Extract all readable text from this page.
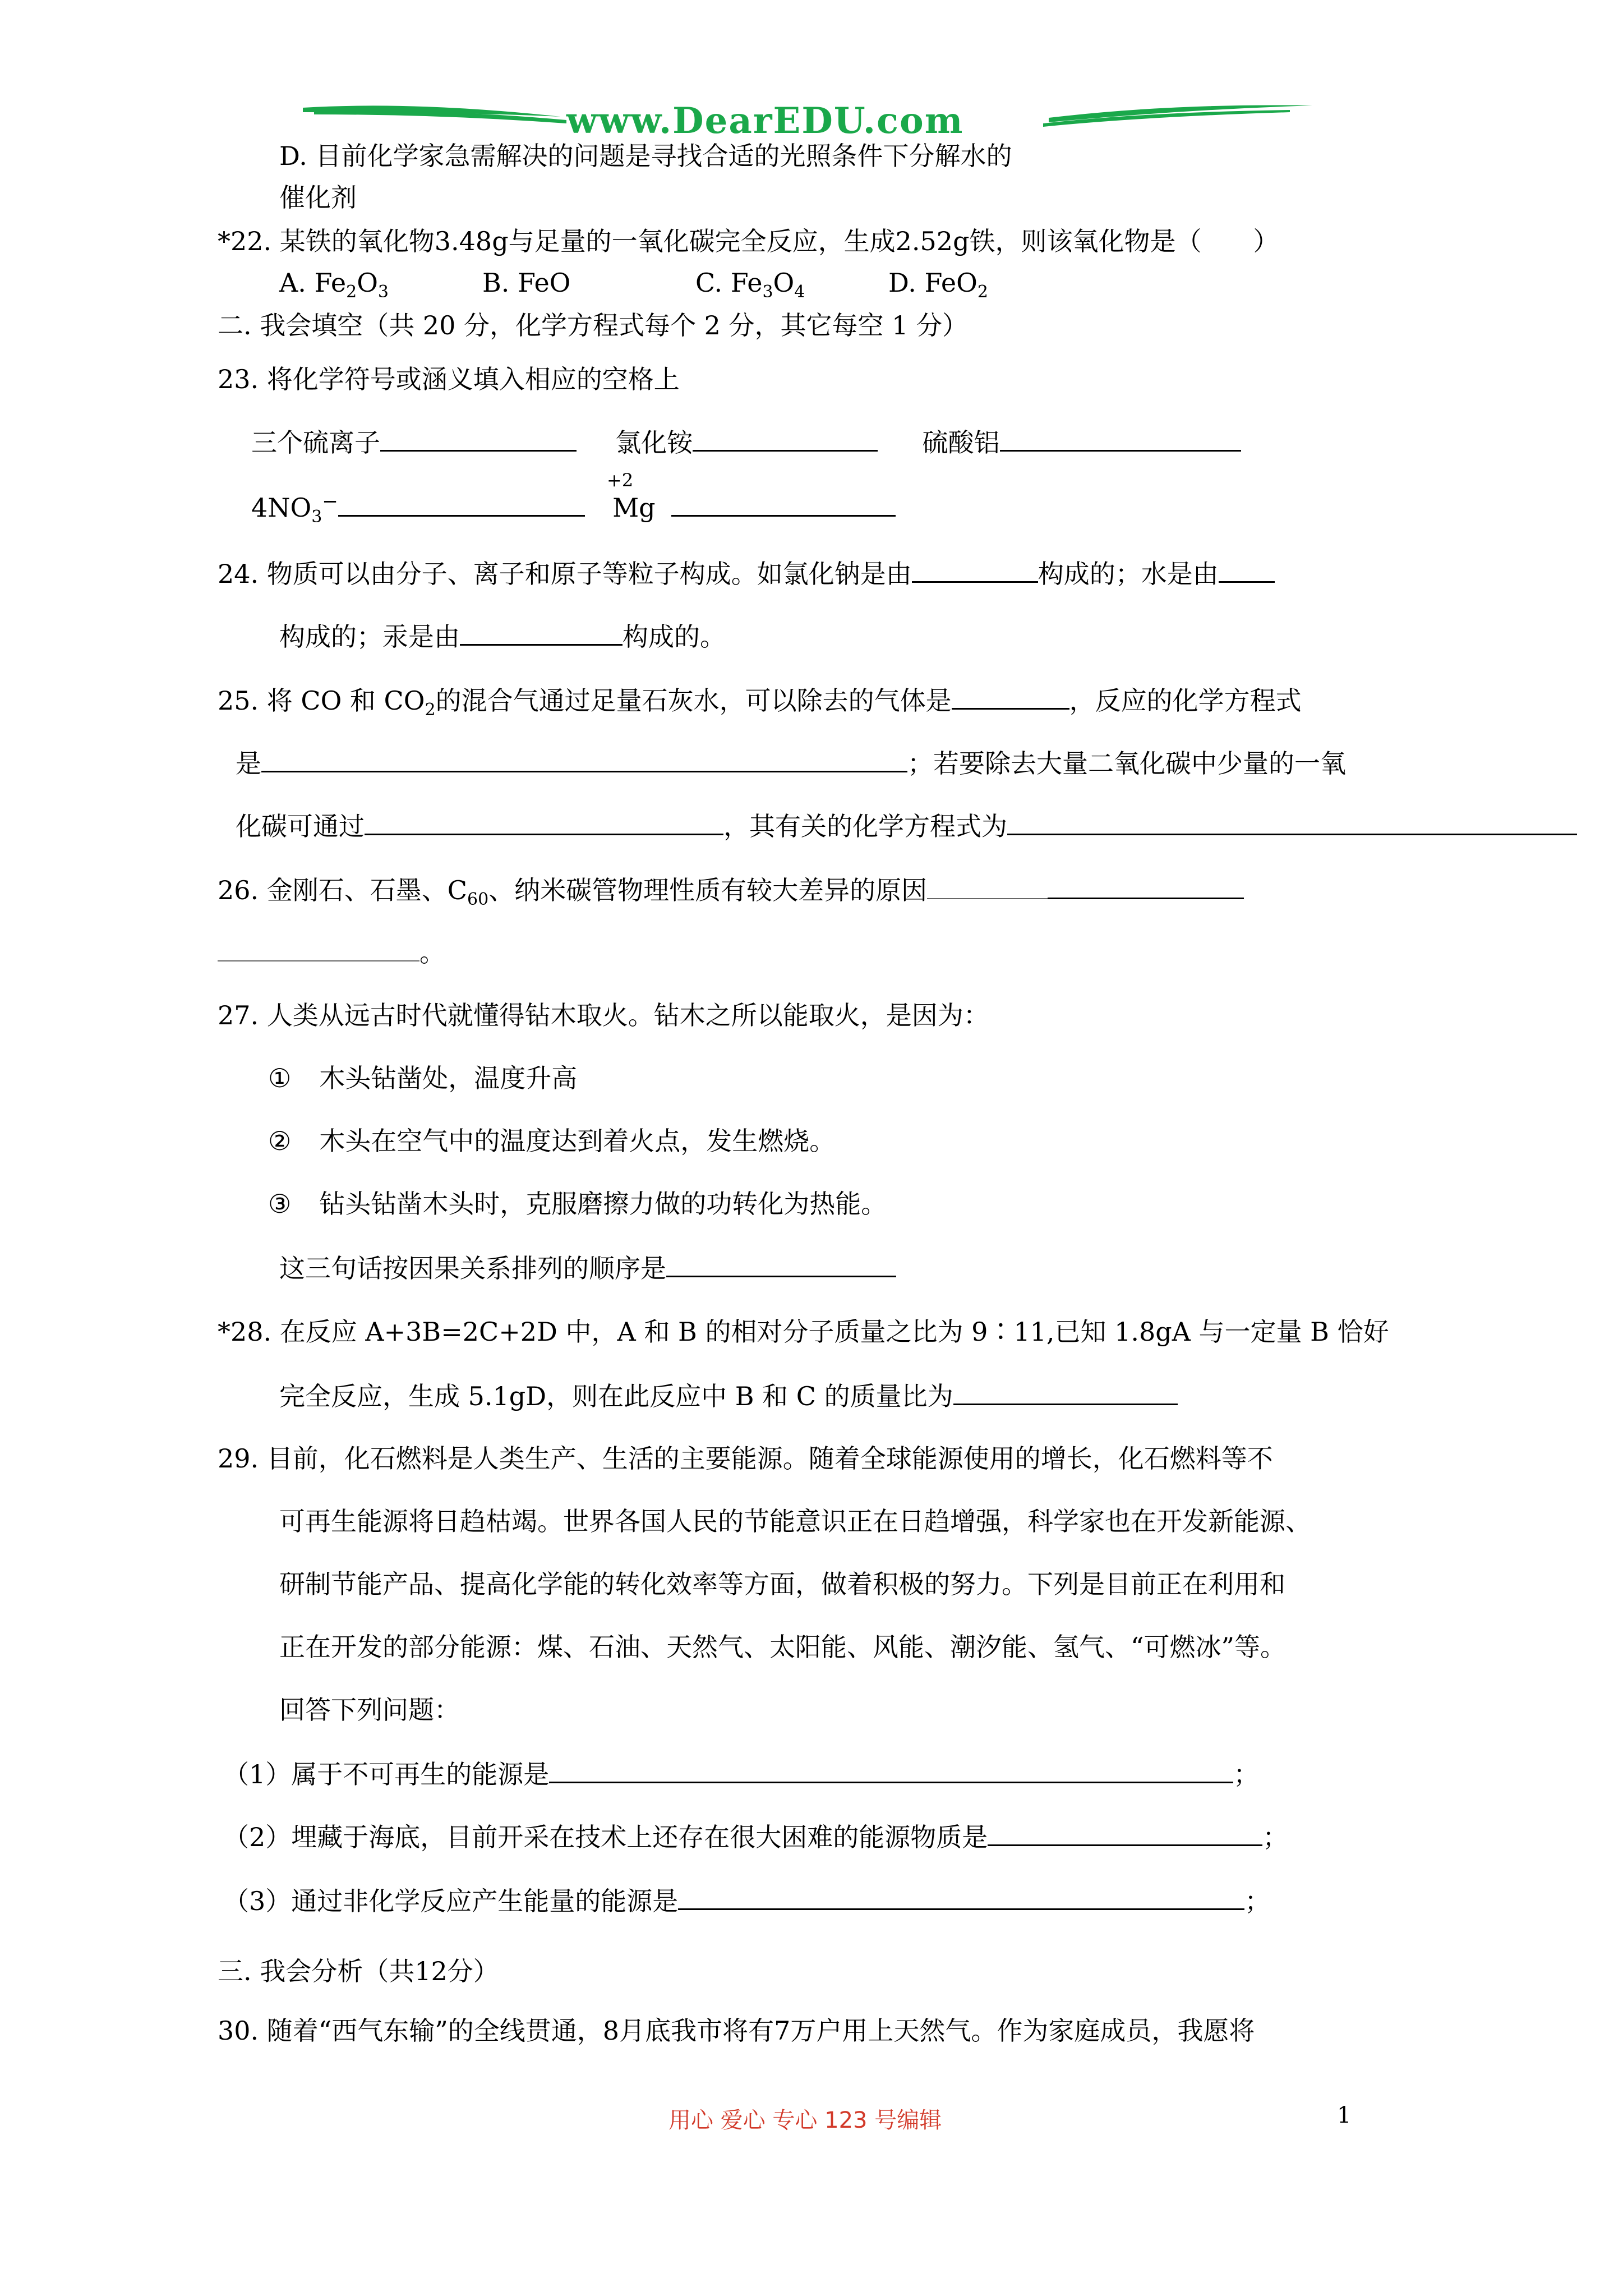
www.DearEDU.com
D. 目前化学家急需解决的问题是寻找合适的光照条件下分解水的
催化剂
*22. 某铁的氧化物3.48g与足量的一氧化碳完全反应，生成2.52g铁，则该氧化物是（　　）
A. $Fe_2O_3$	B. FeO	C. $Fe_3O_4$	D. FeO$_2$
二. 我会填空（共 20 分，化学方程式每个 2 分，其它每空 1 分）
23. 将化学符号或涵义填入相应的空格上
三个硫离子	氯化铵	硫酸铝
+2
$4NO_3^-$	Mg
24. 物质可以由分子、离子和原子等粒子构成。如氯化钠是由	构成的；水是由
构成的；汞是由	构成的。
25. 将 CO 和 $CO_2$的混合气通过足量石灰水，可以除去的气体是	，反应的化学方程式
是	；若要除去大量二氧化碳中少量的一氧
化碳可通过	，其有关的化学方程式为
26. 金刚石、石墨、$C_{60}$、纳米碳管物理性质有较大差异的原因
。
27. 人类从远古时代就懂得钻木取火。钻木之所以能取火，是因为：
① 木头钻凿处，温度升高
② 木头在空气中的温度达到着火点，发生燃烧。
③ 钻头钻凿木头时，克服磨擦力做的功转化为热能。
这三句话按因果关系排列的顺序是
*28. 在反应 A+3B=2C+2D 中，A 和 B 的相对分子质量之比为 9∶11,已知 1.8gA 与一定量 B 恰好
完全反应，生成 5.1gD，则在此反应中 B 和 C 的质量比为
29. 目前，化石燃料是人类生产、生活的主要能源。随着全球能源使用的增长，化石燃料等不
可再生能源将日趋枯竭。世界各国人民的节能意识正在日趋增强，科学家也在开发新能源、
研制节能产品、提高化学能的转化效率等方面，做着积极的努力。下列是目前正在利用和
正在开发的部分能源：煤、石油、天然气、太阳能、风能、潮汐能、氢气、“可燃冰”等。
回答下列问题：
（1）属于不可再生的能源是	；
（2）埋藏于海底，目前开采在技术上还存在很大困难的能源物质是	；
（3）通过非化学反应产生能量的能源是	；
三. 我会分析（共12分）
30. 随着“西气东输”的全线贯通，8月底我市将有7万户用上天然气。作为家庭成员，我愿将
用心 爱心 专心 123 号编辑	1
